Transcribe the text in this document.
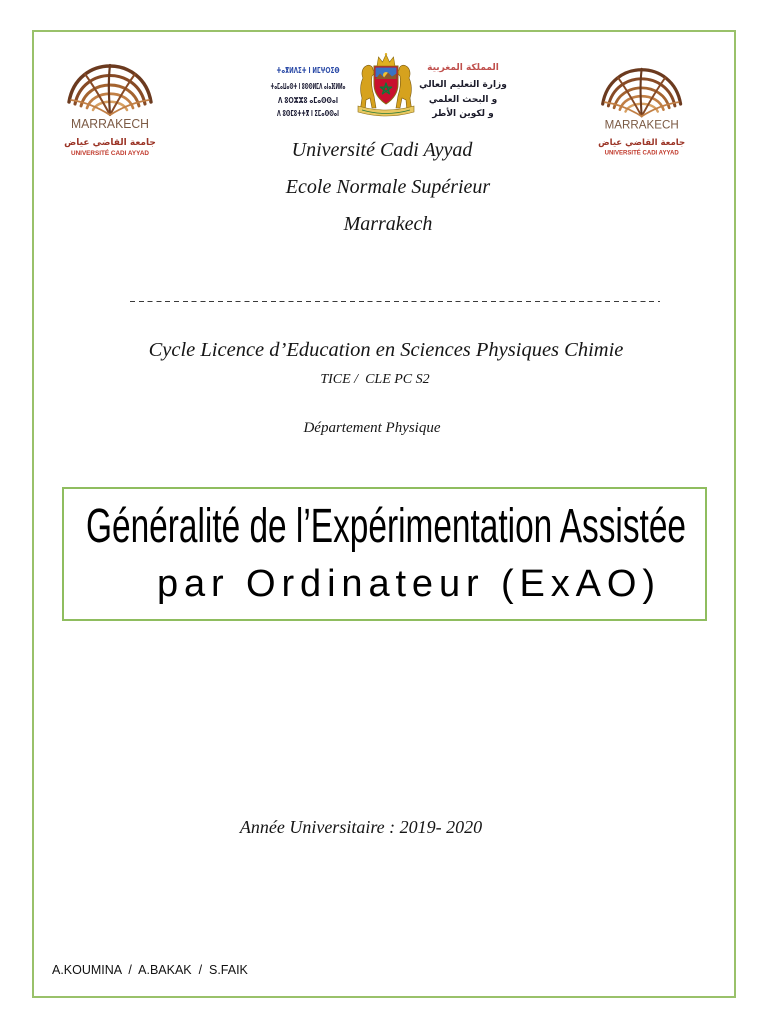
MARRAKECH
جامعة القاضي عياض
UNIVERSITÉ CADI AYYAD
ⵜⴰⴳⵍⴷⵉⵜ ⵏ ⵍⵎⵖⵔⵉⴱ
ⵜⴰⵎⴰⵡⴰⵙⵜ ⵏ ⵓⵙⵙⵍⵎⴷ ⴰⵏⴰⴼⵍⵍⴰ
ⴷ ⵓⵔⵣⵣⵓ ⴰⵎⴰⵙⵙⴰⵏ
ⴷ ⵓⵙⵎⵓⵜⵜⴳ ⵏ ⵉⵎⴰⵙⵙⴰⵏ
المملكة المغربية
وزارة التعليم العالي
و البحث العلمي
و لكوين الأطر
MARRAKECH
جامعة القاضي عياض
UNIVERSITÉ CADI AYYAD
Université Cadi Ayyad
Ecole Normale Supérieur
Marrakech
Cycle Licence d’Education en Sciences Physiques Chimie
TICE /  CLE PC S2
Département Physique
Généralité de l’Expérimentation Assistée
par Ordinateur (ExAO)
Année Universitaire : 2019- 2020
A.KOUMINA  /  A.BAKAK  /  S.FAIK
